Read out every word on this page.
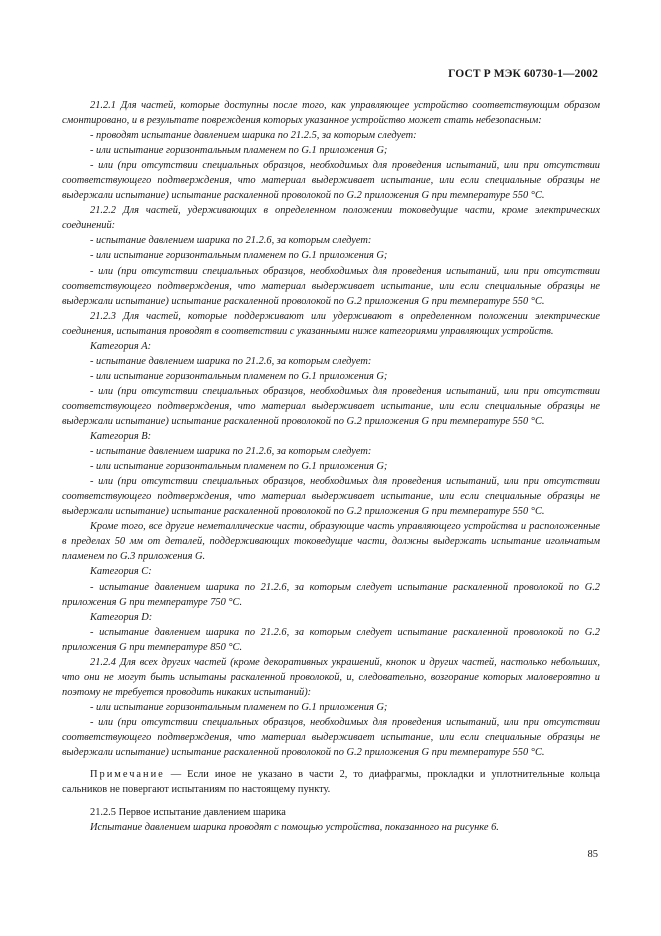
ГОСТ Р МЭК 60730-1—2002

21.2.1 Для частей, которые доступны после того, как управляющее устройство соответствующим образом смонтировано, и в результате повреждения которых указанное устройство может стать небезопасным:

- проводят испытание давлением шарика по 21.2.5, за которым следует:

- или испытание горизонтальным пламенем по G.1 приложения G;

- или (при отсутствии специальных образцов, необходимых для проведения испытаний, или при отсутствии соответствующего подтверждения, что материал выдерживает испытание, или если специальные образцы не выдержали испытание) испытание раскаленной проволокой по G.2 приложения G при температуре 550 °С.

21.2.2 Для частей, удерживающих в определенном положении токоведущие части, кроме электрических соединений:

- испытание давлением шарика по 21.2.6, за которым следует:

- или испытание горизонтальным пламенем по G.1 приложения G;

- или (при отсутствии специальных образцов, необходимых для проведения испытаний, или при отсутствии соответствующего подтверждения, что материал выдерживает испытание, или если специальные образцы не выдержали испытание) испытание раскаленной проволокой по G.2 приложения G при температуре 550 °С.

21.2.3 Для частей, которые поддерживают или удерживают в определенном положении электрические соединения, испытания проводят в соответствии с указанными ниже категориями управляющих устройств.

Категория А:

- испытание давлением шарика по 21.2.6, за которым следует:

- или испытание горизонтальным пламенем по G.1 приложения G;

- или (при отсутствии специальных образцов, необходимых для проведения испытаний, или при отсутствии соответствующего подтверждения, что материал выдерживает испытание, или если специальные образцы не выдержали испытание) испытание раскаленной проволокой по G.2 приложения G при температуре 550 °С.

Категория В:

- испытание давлением шарика по 21.2.6, за которым следует:

- или испытание горизонтальным пламенем по G.1 приложения G;

- или (при отсутствии специальных образцов, необходимых для проведения испытаний, или при отсутствии соответствующего подтверждения, что материал выдерживает испытание, или если специальные образцы не выдержали испытание) испытание раскаленной проволокой по G.2 приложения G при температуре 550 °С.

Кроме того, все другие неметаллические части, образующие часть управляющего устройства и расположенные в пределах 50 мм от деталей, поддерживающих токоведущие части, должны выдержать испытание игольчатым пламенем по G.3 приложения G.

Категория С:

- испытание давлением шарика по 21.2.6, за которым следует испытание раскаленной проволокой по G.2 приложения G при температуре 750 °С.

Категория D:

- испытание давлением шарика по 21.2.6, за которым следует испытание раскаленной проволокой по G.2 приложения G при температуре 850 °С.

21.2.4 Для всех других частей (кроме декоративных украшений, кнопок и других частей, настолько небольших, что они не могут быть испытаны раскаленной проволокой, и, следовательно, возгорание которых маловероятно и поэтому не требуется проводить никаких испытаний):

- или испытание горизонтальным пламенем по G.1 приложения G;

- или (при отсутствии специальных образцов, необходимых для проведения испытаний, или при отсутствии соответствующего подтверждения, что материал выдерживает испытание, или если специальные образцы не выдержали испытание) испытание раскаленной проволокой по G.2 приложения G при температуре 550 °С.

Примечание — Если иное не указано в части 2, то диафрагмы, прокладки и уплотнительные кольца сальников не повергают испытаниям по настоящему пункту.

21.2.5 Первое испытание давлением шарика

Испытание давлением шарика проводят с помощью устройства, показанного на рисунке 6.

85
